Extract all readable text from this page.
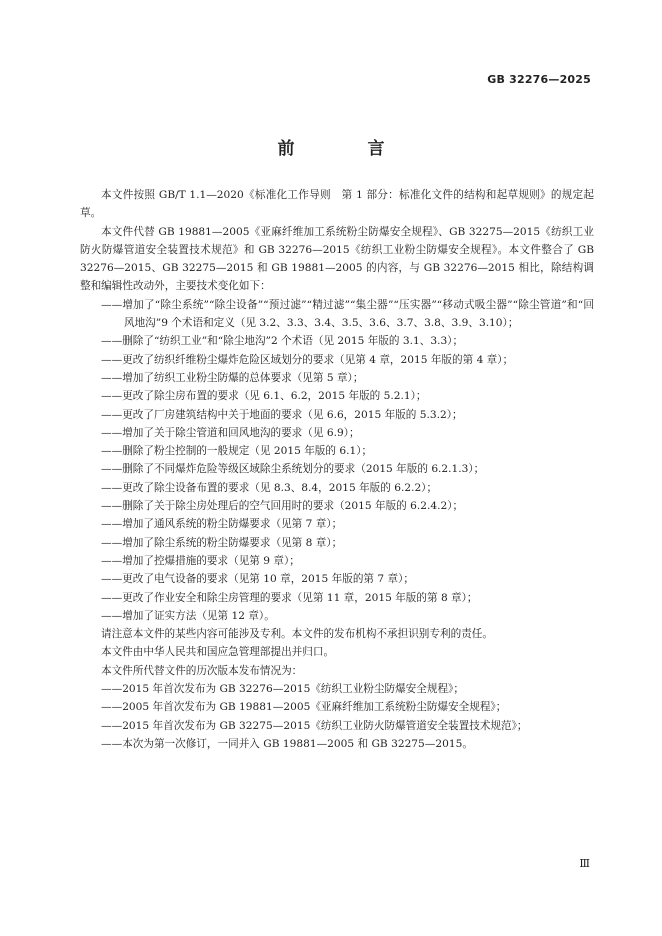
GB 32276—2025
前　言

本文件按照 GB/T 1.1—2020《标准化工作导则　第 1 部分：标准化文件的结构和起草规则》的规定起草。

本文件代替 GB 19881—2005《亚麻纤维加工系统粉尘防爆安全规程》、GB 32275—2015《纺织工业防火防爆管道安全装置技术规范》和 GB 32276—2015《纺织工业粉尘防爆安全规程》。本文件整合了 GB 32276—2015、GB 32275—2015 和 GB 19881—2005 的内容，与 GB 32276—2015 相比，除结构调整和编辑性改动外，主要技术变化如下：

——增加了“除尘系统”“除尘设备”“预过滤”“精过滤”“集尘器”“压实器”“移动式吸尘器”“除尘管道”和“回风地沟”9 个术语和定义（见 3.2、3.3、3.4、3.5、3.6、3.7、3.8、3.9、3.10）；

——删除了“纺织工业”和“除尘地沟”2 个术语（见 2015 年版的 3.1、3.3）；

——更改了纺织纤维粉尘爆炸危险区域划分的要求（见第 4 章，2015 年版的第 4 章）；

——增加了纺织工业粉尘防爆的总体要求（见第 5 章）；

——更改了除尘房布置的要求（见 6.1、6.2，2015 年版的 5.2.1）；

——更改了厂房建筑结构中关于地面的要求（见 6.6，2015 年版的 5.3.2）；

——增加了关于除尘管道和回风地沟的要求（见 6.9）；

——删除了粉尘控制的一般规定（见 2015 年版的 6.1）；

——删除了不同爆炸危险等级区域除尘系统划分的要求（2015 年版的 6.2.1.3）；

——更改了除尘设备布置的要求（见 8.3、8.4，2015 年版的 6.2.2）；

——删除了关于除尘房处理后的空气回用时的要求（2015 年版的 6.2.4.2）；

——增加了通风系统的粉尘防爆要求（见第 7 章）；

——增加了除尘系统的粉尘防爆要求（见第 8 章）；

——增加了控爆措施的要求（见第 9 章）；

——更改了电气设备的要求（见第 10 章，2015 年版的第 7 章）；

——更改了作业安全和除尘房管理的要求（见第 11 章，2015 年版的第 8 章）；

——增加了证实方法（见第 12 章）。

请注意本文件的某些内容可能涉及专利。本文件的发布机构不承担识别专利的责任。

本文件由中华人民共和国应急管理部提出并归口。

本文件所代替文件的历次版本发布情况为：

——2015 年首次发布为 GB 32276—2015《纺织工业粉尘防爆安全规程》；

——2005 年首次发布为 GB 19881—2005《亚麻纤维加工系统粉尘防爆安全规程》；

——2015 年首次发布为 GB 32275—2015《纺织工业防火防爆管道安全装置技术规范》；

——本次为第一次修订，一同并入 GB 19881—2005 和 GB 32275—2015。

Ⅲ
